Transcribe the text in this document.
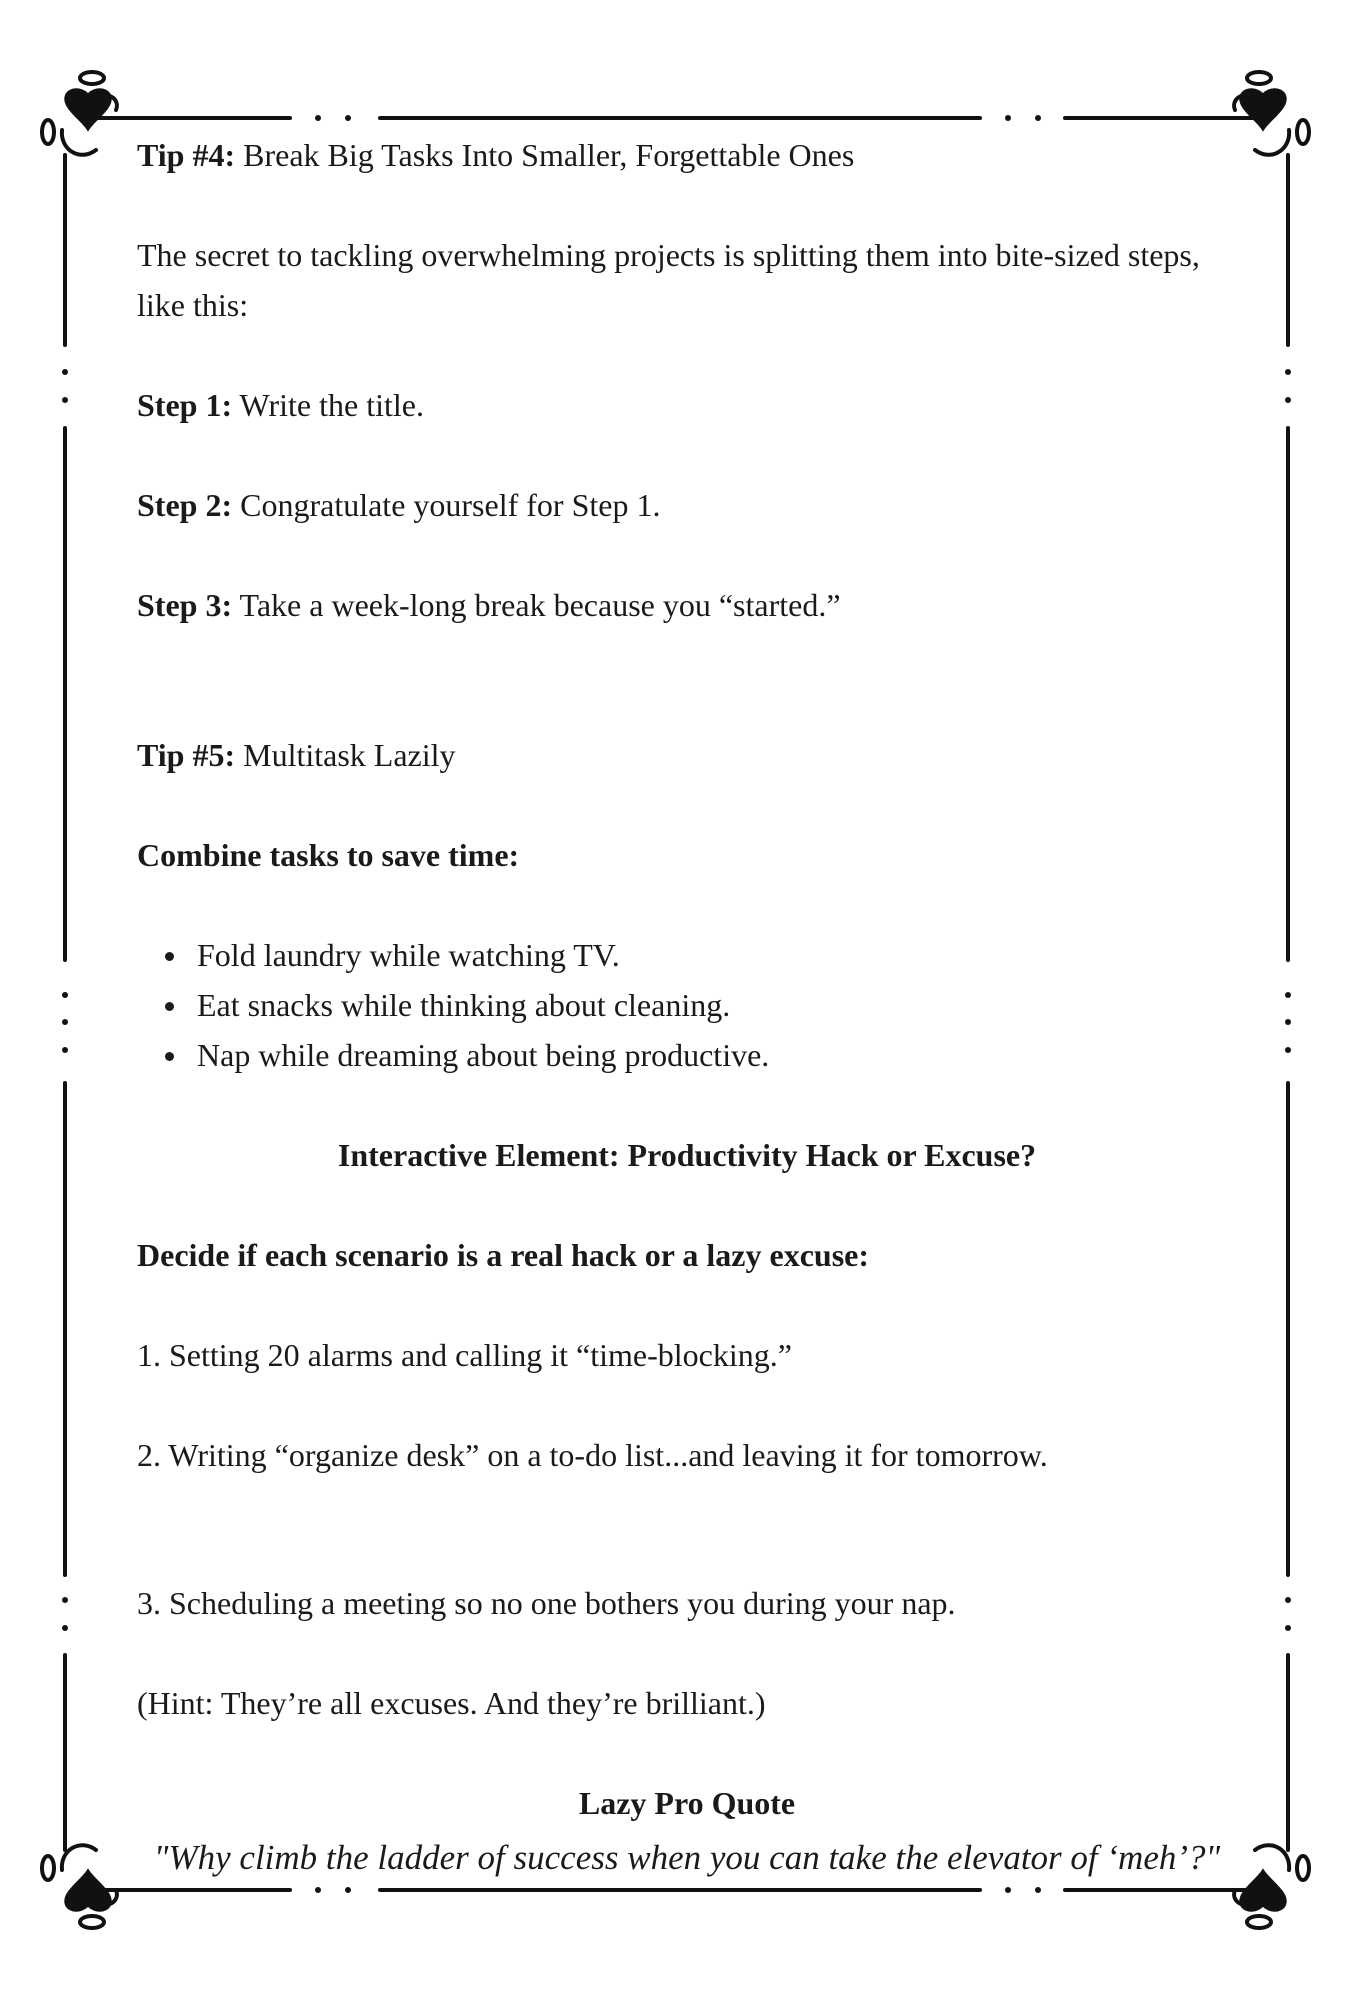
Tip #4: Break Big Tasks Into Smaller, Forgettable Ones

The secret to tackling overwhelming projects is splitting them into bite-sized steps, like this:

Step 1: Write the title.

Step 2: Congratulate yourself for Step 1.

Step 3: Take a week-long break because you “started.”

Tip #5: Multitask Lazily

Combine tasks to save time:

Fold laundry while watching TV.
Eat snacks while thinking about cleaning.
Nap while dreaming about being productive.

Interactive Element: Productivity Hack or Excuse?

Decide if each scenario is a real hack or a lazy excuse:

1. Setting 20 alarms and calling it “time-blocking.”

2. Writing “organize desk” on a to-do list...and leaving it for tomorrow.

3. Scheduling a meeting so no one bothers you during your nap.

(Hint: They’re all excuses. And they’re brilliant.)

Lazy Pro Quote

"Why climb the ladder of success when you can take the elevator of ‘meh’?"
